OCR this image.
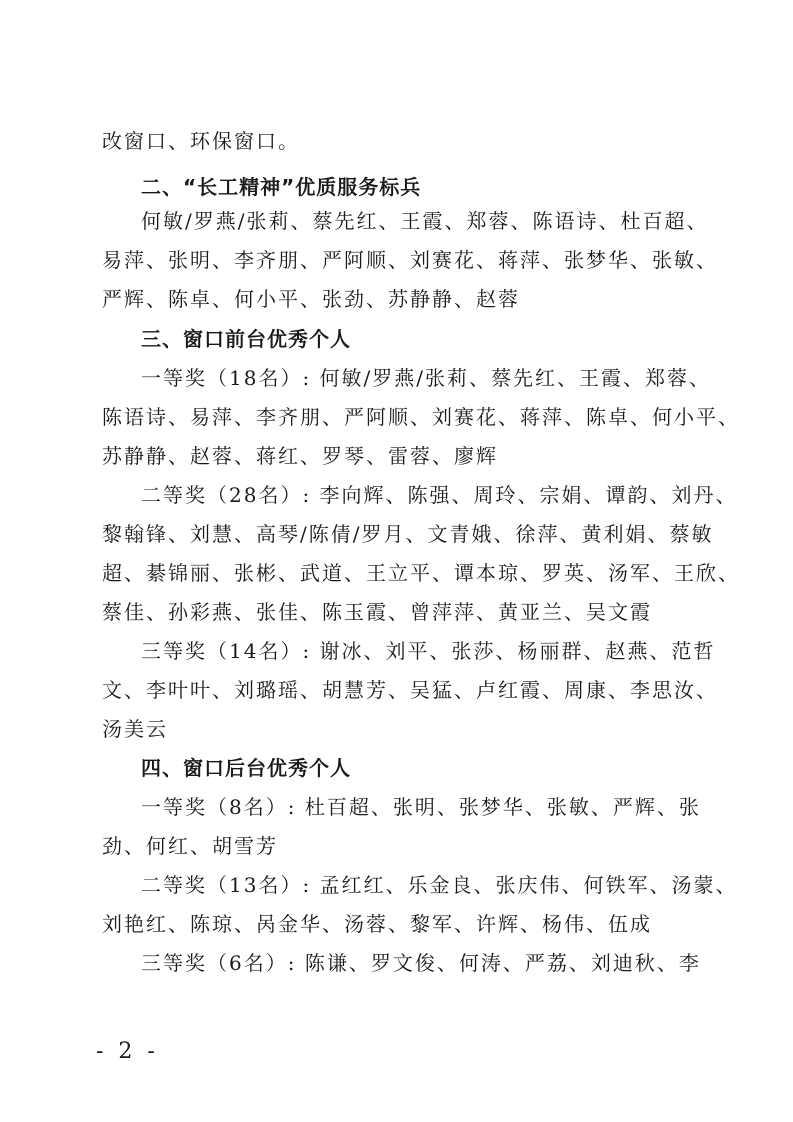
改窗口、环保窗口。
二、“长工精神”优质服务标兵
何敏/罗燕/张莉、蔡先红、王霞、郑蓉、陈语诗、杜百超、
易萍、张明、李齐朋、严阿顺、刘赛花、蒋萍、张梦华、张敏、
严辉、陈卓、何小平、张劲、苏静静、赵蓉
三、窗口前台优秀个人
一等奖（18名）: 何敏/罗燕/张莉、蔡先红、王霞、郑蓉、
陈语诗、易萍、李齐朋、严阿顺、刘赛花、蒋萍、陈卓、何小平、
苏静静、赵蓉、蒋红、罗琴、雷蓉、廖辉
二等奖（28名）: 李向辉、陈强、周玲、宗娟、谭韵、刘丹、
黎翰锋、刘慧、高琴/陈倩/罗月、文青娥、徐萍、黄利娟、蔡敏
超、綦锦丽、张彬、武道、王立平、谭本琼、罗英、汤军、王欣、
蔡佳、孙彩燕、张佳、陈玉霞、曾萍萍、黄亚兰、吴文霞
三等奖（14名）: 谢冰、刘平、张莎、杨丽群、赵燕、范哲
文、李叶叶、刘璐瑶、胡慧芳、吴猛、卢红霞、周康、李思汝、
汤美云
四、窗口后台优秀个人
一等奖（8名）: 杜百超、张明、张梦华、张敏、严辉、张
劲、何红、胡雪芳
二等奖（13名）: 孟红红、乐金良、张庆伟、何铁军、汤蒙、
刘艳红、陈琼、呙金华、汤蓉、黎军、许辉、杨伟、伍成
三等奖（6名）: 陈谦、罗文俊、何涛、严荔、刘迪秋、李
- 2 -
